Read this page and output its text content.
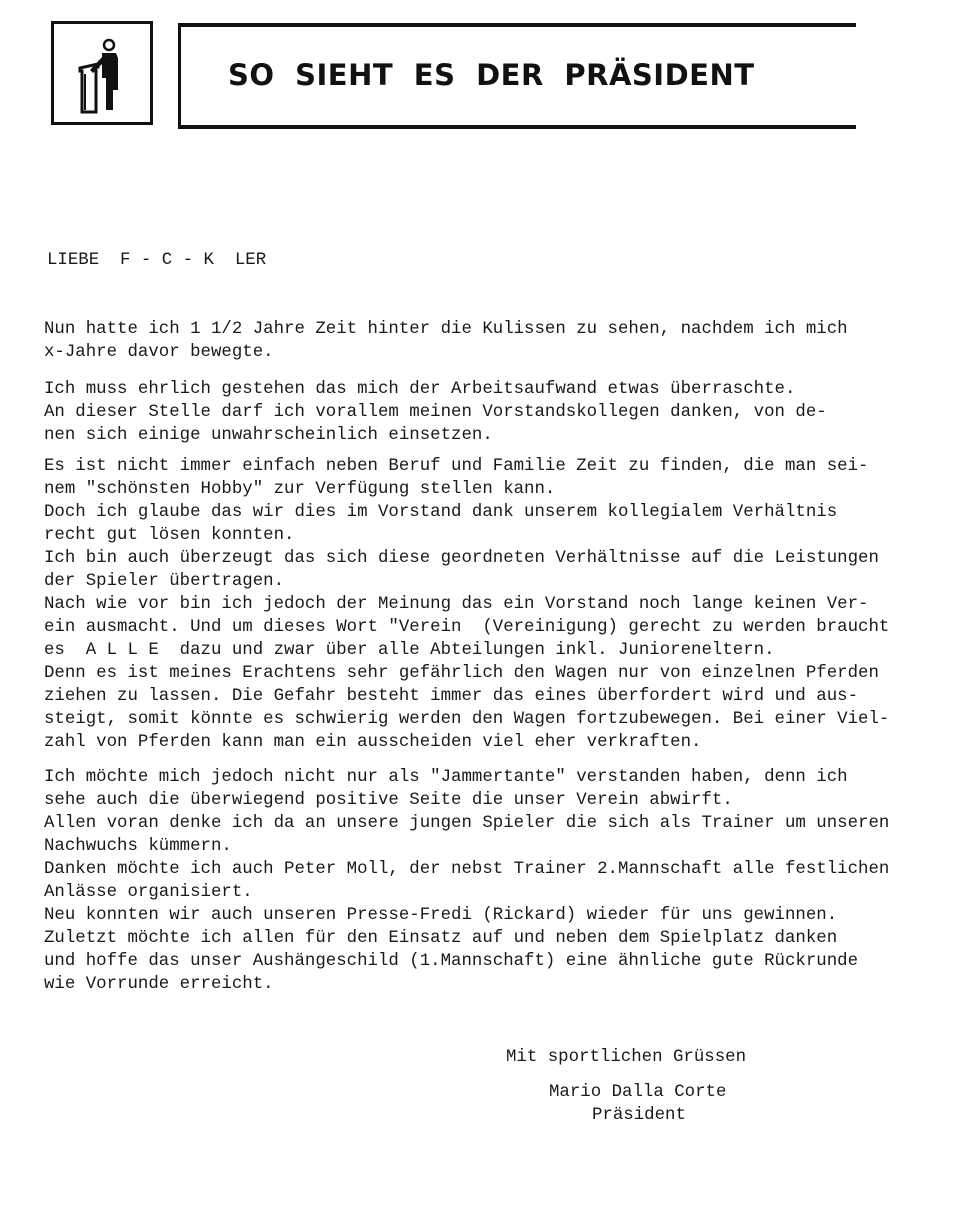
SO SIEHT ES DER PRÄSIDENT
LIEBE  F - C - K  LER
Nun hatte ich 1 1/2 Jahre Zeit hinter die Kulissen zu sehen, nachdem ich mich
x-Jahre davor bewegte.
Ich muss ehrlich gestehen das mich der Arbeitsaufwand etwas überraschte.
An dieser Stelle darf ich vorallem meinen Vorstandskollegen danken, von de-
nen sich einige unwahrscheinlich einsetzen.
Es ist nicht immer einfach neben Beruf und Familie Zeit zu finden, die man sei-
nem "schönsten Hobby" zur Verfügung stellen kann.
Doch ich glaube das wir dies im Vorstand dank unserem kollegialem Verhältnis
recht gut lösen konnten.
Ich bin auch überzeugt das sich diese geordneten Verhältnisse auf die Leistungen
der Spieler übertragen.
Nach wie vor bin ich jedoch der Meinung das ein Vorstand noch lange keinen Ver-
ein ausmacht. Und um dieses Wort "Verein  (Vereinigung) gerecht zu werden braucht
es  A L L E  dazu und zwar über alle Abteilungen inkl. Junioreneltern.
Denn es ist meines Erachtens sehr gefährlich den Wagen nur von einzelnen Pferden
ziehen zu lassen. Die Gefahr besteht immer das eines überfordert wird und aus-
steigt, somit könnte es schwierig werden den Wagen fortzubewegen. Bei einer Viel-
zahl von Pferden kann man ein ausscheiden viel eher verkraften.
Ich möchte mich jedoch nicht nur als "Jammertante" verstanden haben, denn ich
sehe auch die überwiegend positive Seite die unser Verein abwirft.
Allen voran denke ich da an unsere jungen Spieler die sich als Trainer um unseren
Nachwuchs kümmern.
Danken möchte ich auch Peter Moll, der nebst Trainer 2.Mannschaft alle festlichen
Anlässe organisiert.
Neu konnten wir auch unseren Presse-Fredi (Rickard) wieder für uns gewinnen.
Zuletzt möchte ich allen für den Einsatz auf und neben dem Spielplatz danken
und hoffe das unser Aushängeschild (1.Mannschaft) eine ähnliche gute Rückrunde
wie Vorrunde erreicht.
Mit sportlichen Grüssen
Mario Dalla Corte
Präsident
